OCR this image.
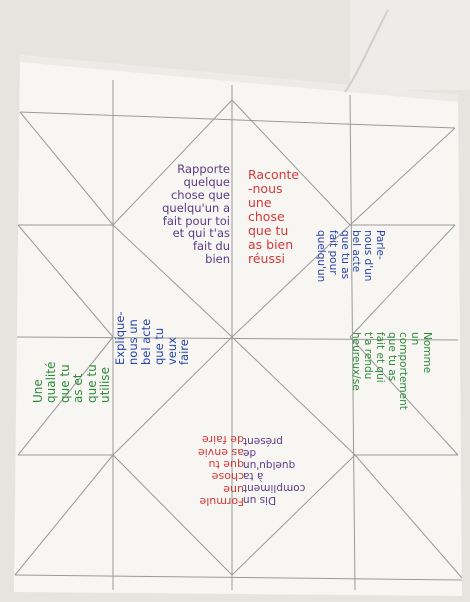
Rapporte
quelque
chose que
quelqu'un a
fait pour toi
et qui t'as
fait du
bien
Raconte
-nous
une
chose
que tu
as bien
réussi
Une qualité que tu as et que tu utilise
Explique-
nous un
bel acte
que tu
veux
faire
Parle-
nous d'un
bel acte
que tu as
fait pour
quelqu'un
Nomme
un
comportement
que tu as
fait et qui
t'a rendu
heureux/se
Formule
une
chose
que tu
as envie
de faire
Dis un
compliment
à ta
quelqu'un
de
présent
